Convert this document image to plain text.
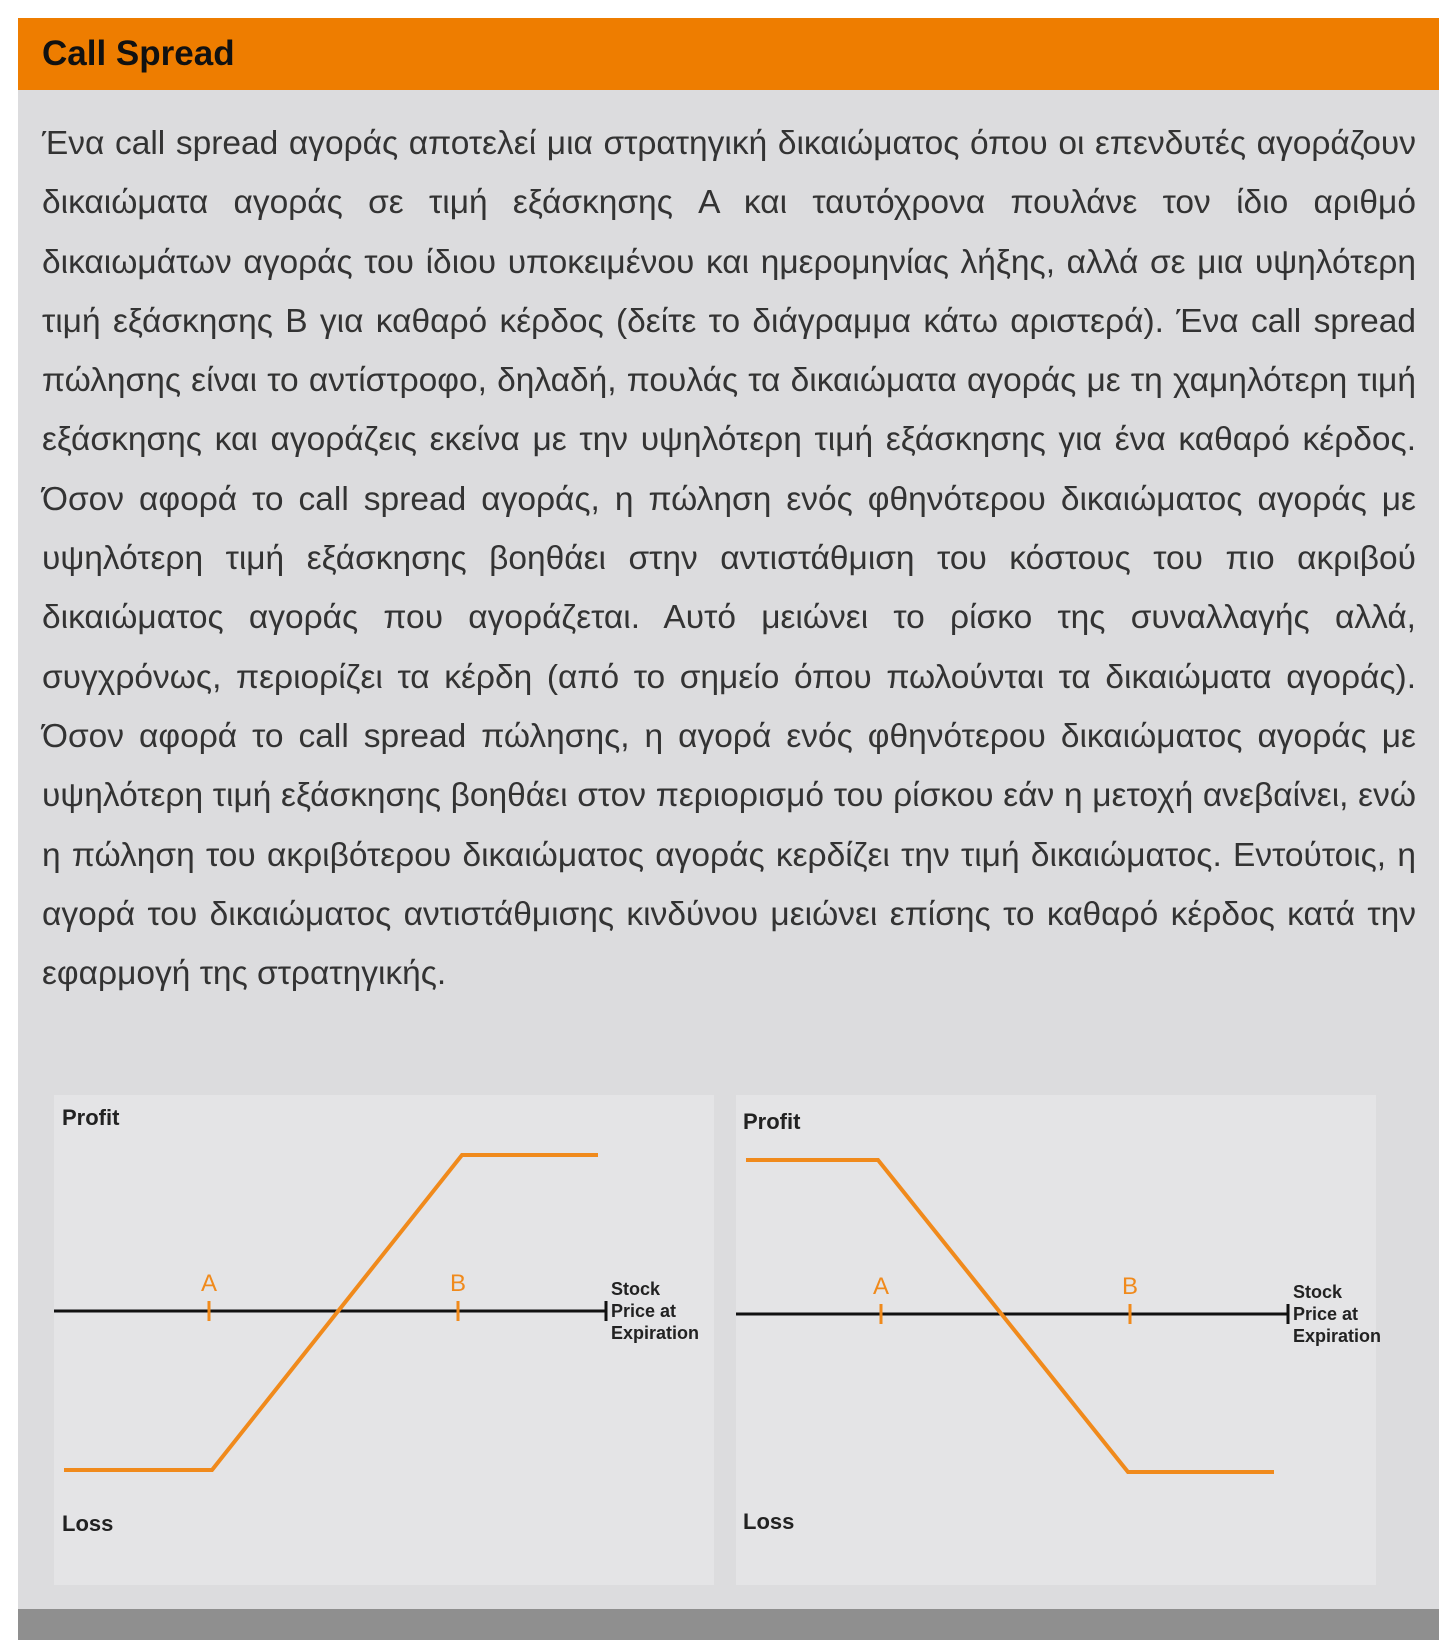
Call Spread

Ένα call spread αγοράς αποτελεί μια στρατηγική δικαιώματος όπου οι επενδυτές αγοράζουν δικαιώματα αγοράς σε τιμή εξάσκησης A και ταυτόχρονα πουλάνε τον ίδιο αριθμό δικαιωμάτων αγοράς του ίδιου υποκειμένου και ημερομηνίας λήξης, αλλά σε μια υψηλότερη τιμή εξάσκησης B για καθαρό κέρδος (δείτε το διάγραμμα κάτω αριστερά). Ένα call spread πώλησης είναι το αντίστροφο, δηλαδή, πουλάς τα δικαιώματα αγοράς με τη χαμηλότερη τιμή εξάσκησης και αγοράζεις εκείνα με την υψηλότερη τιμή εξάσκησης για ένα καθαρό κέρδος. Όσον αφορά το call spread αγοράς, η πώληση ενός φθηνότερου δικαιώματος αγοράς με υψηλότερη τιμή εξάσκησης βοηθάει στην αντιστάθμιση του κόστους του πιο ακριβού δικαιώματος αγοράς που αγοράζεται. Αυτό μειώνει το ρίσκο της συναλλαγής αλλά, συγχρόνως, περιορίζει τα κέρδη (από το σημείο όπου πωλούνται τα δικαιώματα αγοράς). Όσον αφορά το call spread πώλησης, η αγορά ενός φθηνότερου δικαιώματος αγοράς με υψηλότερη τιμή εξάσκησης βοηθάει στον περιορισμό του ρίσκου εάν η μετοχή ανεβαίνει, ενώ η πώληση του ακριβότερου δικαιώματος αγοράς κερδίζει την τιμή δικαιώματος. Εντούτοις, η αγορά του δικαιώματος αντιστάθμισης κινδύνου μειώνει επίσης το καθαρό κέρδος κατά την εφαρμογή της στρατηγικής.

Profit
Loss
A	B	Stock
Price at
Expiration
Profit
Loss
A	B	Stock
Price at
Expiration
